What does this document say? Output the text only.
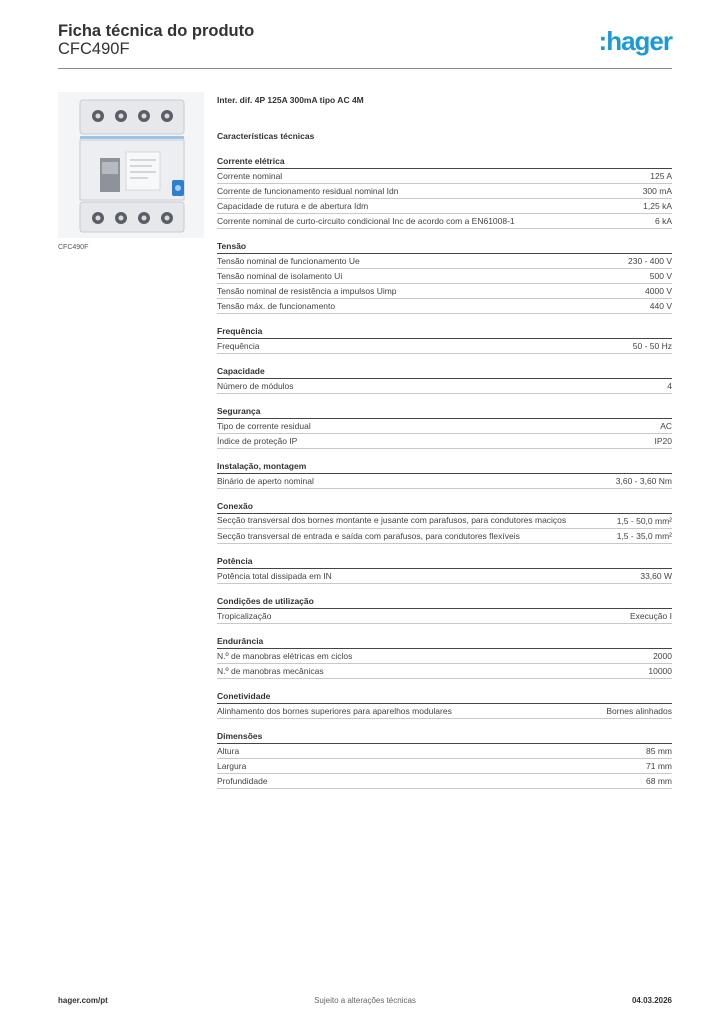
Ficha técnica do produto
CFC490F	:hager
CFC490F
Inter. dif. 4P 125A 300mA tipo AC 4M
Características técnicas
Corrente elétrica
Corrente nominal	125 A
Corrente de funcionamento residual nominal Idn	300 mA
Capacidade de rutura e de abertura Idm	1,25 kA
Corrente nominal de curto-circuito condicional Inc de acordo com a EN61008-1	6 kA
Tensão
Tensão nominal de funcionamento Ue	230 - 400 V
Tensão nominal de isolamento Ui	500 V
Tensão nominal de resistência a impulsos Uimp	4000 V
Tensão máx. de funcionamento	440 V
Frequência
Frequência	50 - 50 Hz
Capacidade
Número de módulos	4
Segurança
Tipo de corrente residual	AC
Índice de proteção IP	IP20
Instalação, montagem
Binário de aperto nominal	3,60 - 3,60 Nm
Conexão
Secção transversal dos bornes montante e jusante com parafusos, para condutores maciços	1,5 - 50,0 mm²
Secção transversal de entrada e saída com parafusos, para condutores flexíveis	1,5 - 35,0 mm²
Potência
Potência total dissipada em IN	33,60 W
Condições de utilização
Tropicalização	Execução I
Endurância
N.º de manobras elétricas em ciclos	2000
N.º de manobras mecânicas	10000
Conetividade
Alinhamento dos bornes superiores para aparelhos modulares	Bornes alinhados
Dimensões
Altura	85 mm
Largura	71 mm
Profundidade	68 mm
hager.com/pt	Sujeito a alterações técnicas	04.03.2026
